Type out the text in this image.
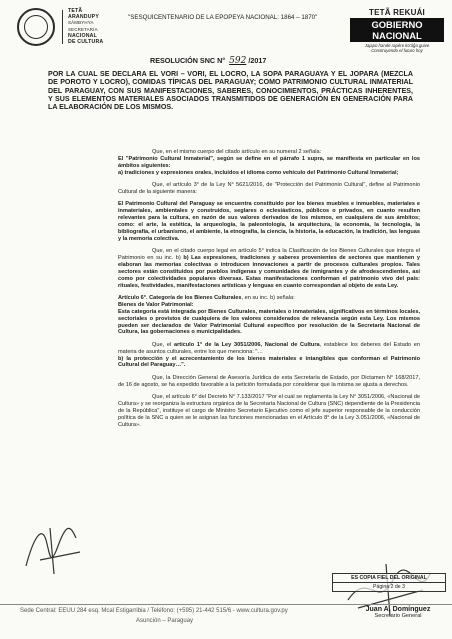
TETÃ
ARANDUPY
SÂMBYHYA
SECRETARÍA
NACIONAL
DE CULTURA
"SESQUICENTENARIO DE LA EPOPEYA NACIONAL: 1864 – 1870"
TETÃ REKUÁI
GOBIERNO NACIONAL
Jajapo hande rapére ko'áĝa guive
Construyendo el futuro hoy
RESOLUCIÓN SNC N° 592 /2017
POR LA CUAL SE DECLARA EL VORI – VORI, EL LOCRO, LA SOPA PARAGUAYA Y EL JOPARA (MEZCLA DE POROTO Y LOCRO), COMIDAS TÍPICAS DEL PARAGUAY; COMO PATRIMONIO CULTURAL INMATERIAL DEL PARAGUAY, CON SUS MANIFESTACIONES, SABERES, CONOCIMIENTOS, PRÁCTICAS INHERENTES, Y SUS ELEMENTOS MATERIALES ASOCIADOS TRANSMITIDOS DE GENERACIÓN EN GENERACIÓN PARA LA ELABORACIÓN DE LOS MISMOS.

Que, en el mismo cuerpo del citado artículo en su numeral 2 señala:
El "Patrimonio Cultural Inmaterial", según se define en el párrafo 1 supra, se manifiesta en particular en los ámbitos siguientes:
a) tradiciones y expresiones orales, incluidos el idioma como vehículo del Patrimonio Cultural Inmaterial;

Que, el artículo 3° de la Ley N° 5621/2016, de "Protección del Patrimonio Cultural", define al Patrimonio Cultural de la siguiente manera:

El Patrimonio Cultural del Paraguay se encuentra constituido por los bienes muebles e inmuebles, materiales e inmateriales, ambientales y construidos, seglares o eclesiásticos, públicos o privados, en cuanto resulten relevantes para la cultura, en razón de sus valores derivados de los mismos, en cualquiera de sus ámbitos; como: el arte, la estética, la arqueología, la paleontología, la arquitectura, la economía, la tecnología, la bibliografía, el urbanismo, el ambiente, la etnografía, la ciencia, la historia, la educación, la tradición, las lenguas y la memoria colectiva.

Que, en el citado cuerpo legal en artículo 5° indica la Clasificación de los Bienes Culturales que integra el Patrimonio en su inc. b) b) Las expresiones, tradiciones y saberes provenientes de sectores que mantienen y elaboran las memorias colectivas o introducen innovaciones a partir de procesos culturales propios. Tales sectores están constituidos por pueblos indígenas y comunidades de inmigrantes y de afrodescendientes, así como por colectividades populares diversas. Estas manifestaciones conforman el patrimonio vivo del país: rituales, festividades, manifestaciones artísticas y lenguas en cuanto correspondan al objeto de esta Ley.

Artículo 6°. Categoría de los Bienes Culturales, en su inc. b) señala:
Bienes de Valor Patrimonial:
Esta categoría está integrada por Bienes Culturales, materiales o inmateriales, significativos en términos locales, sectoriales o provistos de cualquiera de los valores considerados de relevancia según esta Ley. Los mismos pueden ser declarados de Valor Patrimonial Cultural específico por resolución de la Secretaría Nacional de Cultura, las gobernaciones o municipalidades.

Que, el artículo 1° de la Ley 3051/2006, Nacional de Cultura, establece los deberes del Estado en materia de asuntos culturales, entre los que menciona: "…
b) la protección y el acrecentamiento de los bienes materiales e intangibles que conforman el Patrimonio Cultural del Paraguay…".

Que, la Dirección General de Asesoría Jurídica de esta Secretaría de Estado, por Dictamen N° 168/2017, de 16 de agosto, se ha expedido favorable a la petición formulada por considerar que la misma se ajusta a derechos.

Que, el artículo 6° del Decreto N° 7.133/2017 "Por el cual se reglamenta la Ley N° 3051/2006, «Nacional de Cultura» y se reorganiza la estructura orgánica de la Secretaría Nacional de Cultura (SNC) dependiente de la Presidencia de la República", instituye el cargo de Ministro Secretario Ejecutivo como el jefe superior responsable de la conducción política de la SNC a quien se le asignan las funciones mencionadas en el Artículo 8° de la Ley 3.051/2006, «Nacional de Cultura».

ES COPIA FIEL DEL ORIGINAL
Página 2 de 3
Sede Central: EEUU 284 esq. Mcal Estigarribia / Teléfono: (+595) 21-442 515/6 - www.cultura.gov.py
Asunción – Paraguay
Juan A. Domínguez
Secretario General
